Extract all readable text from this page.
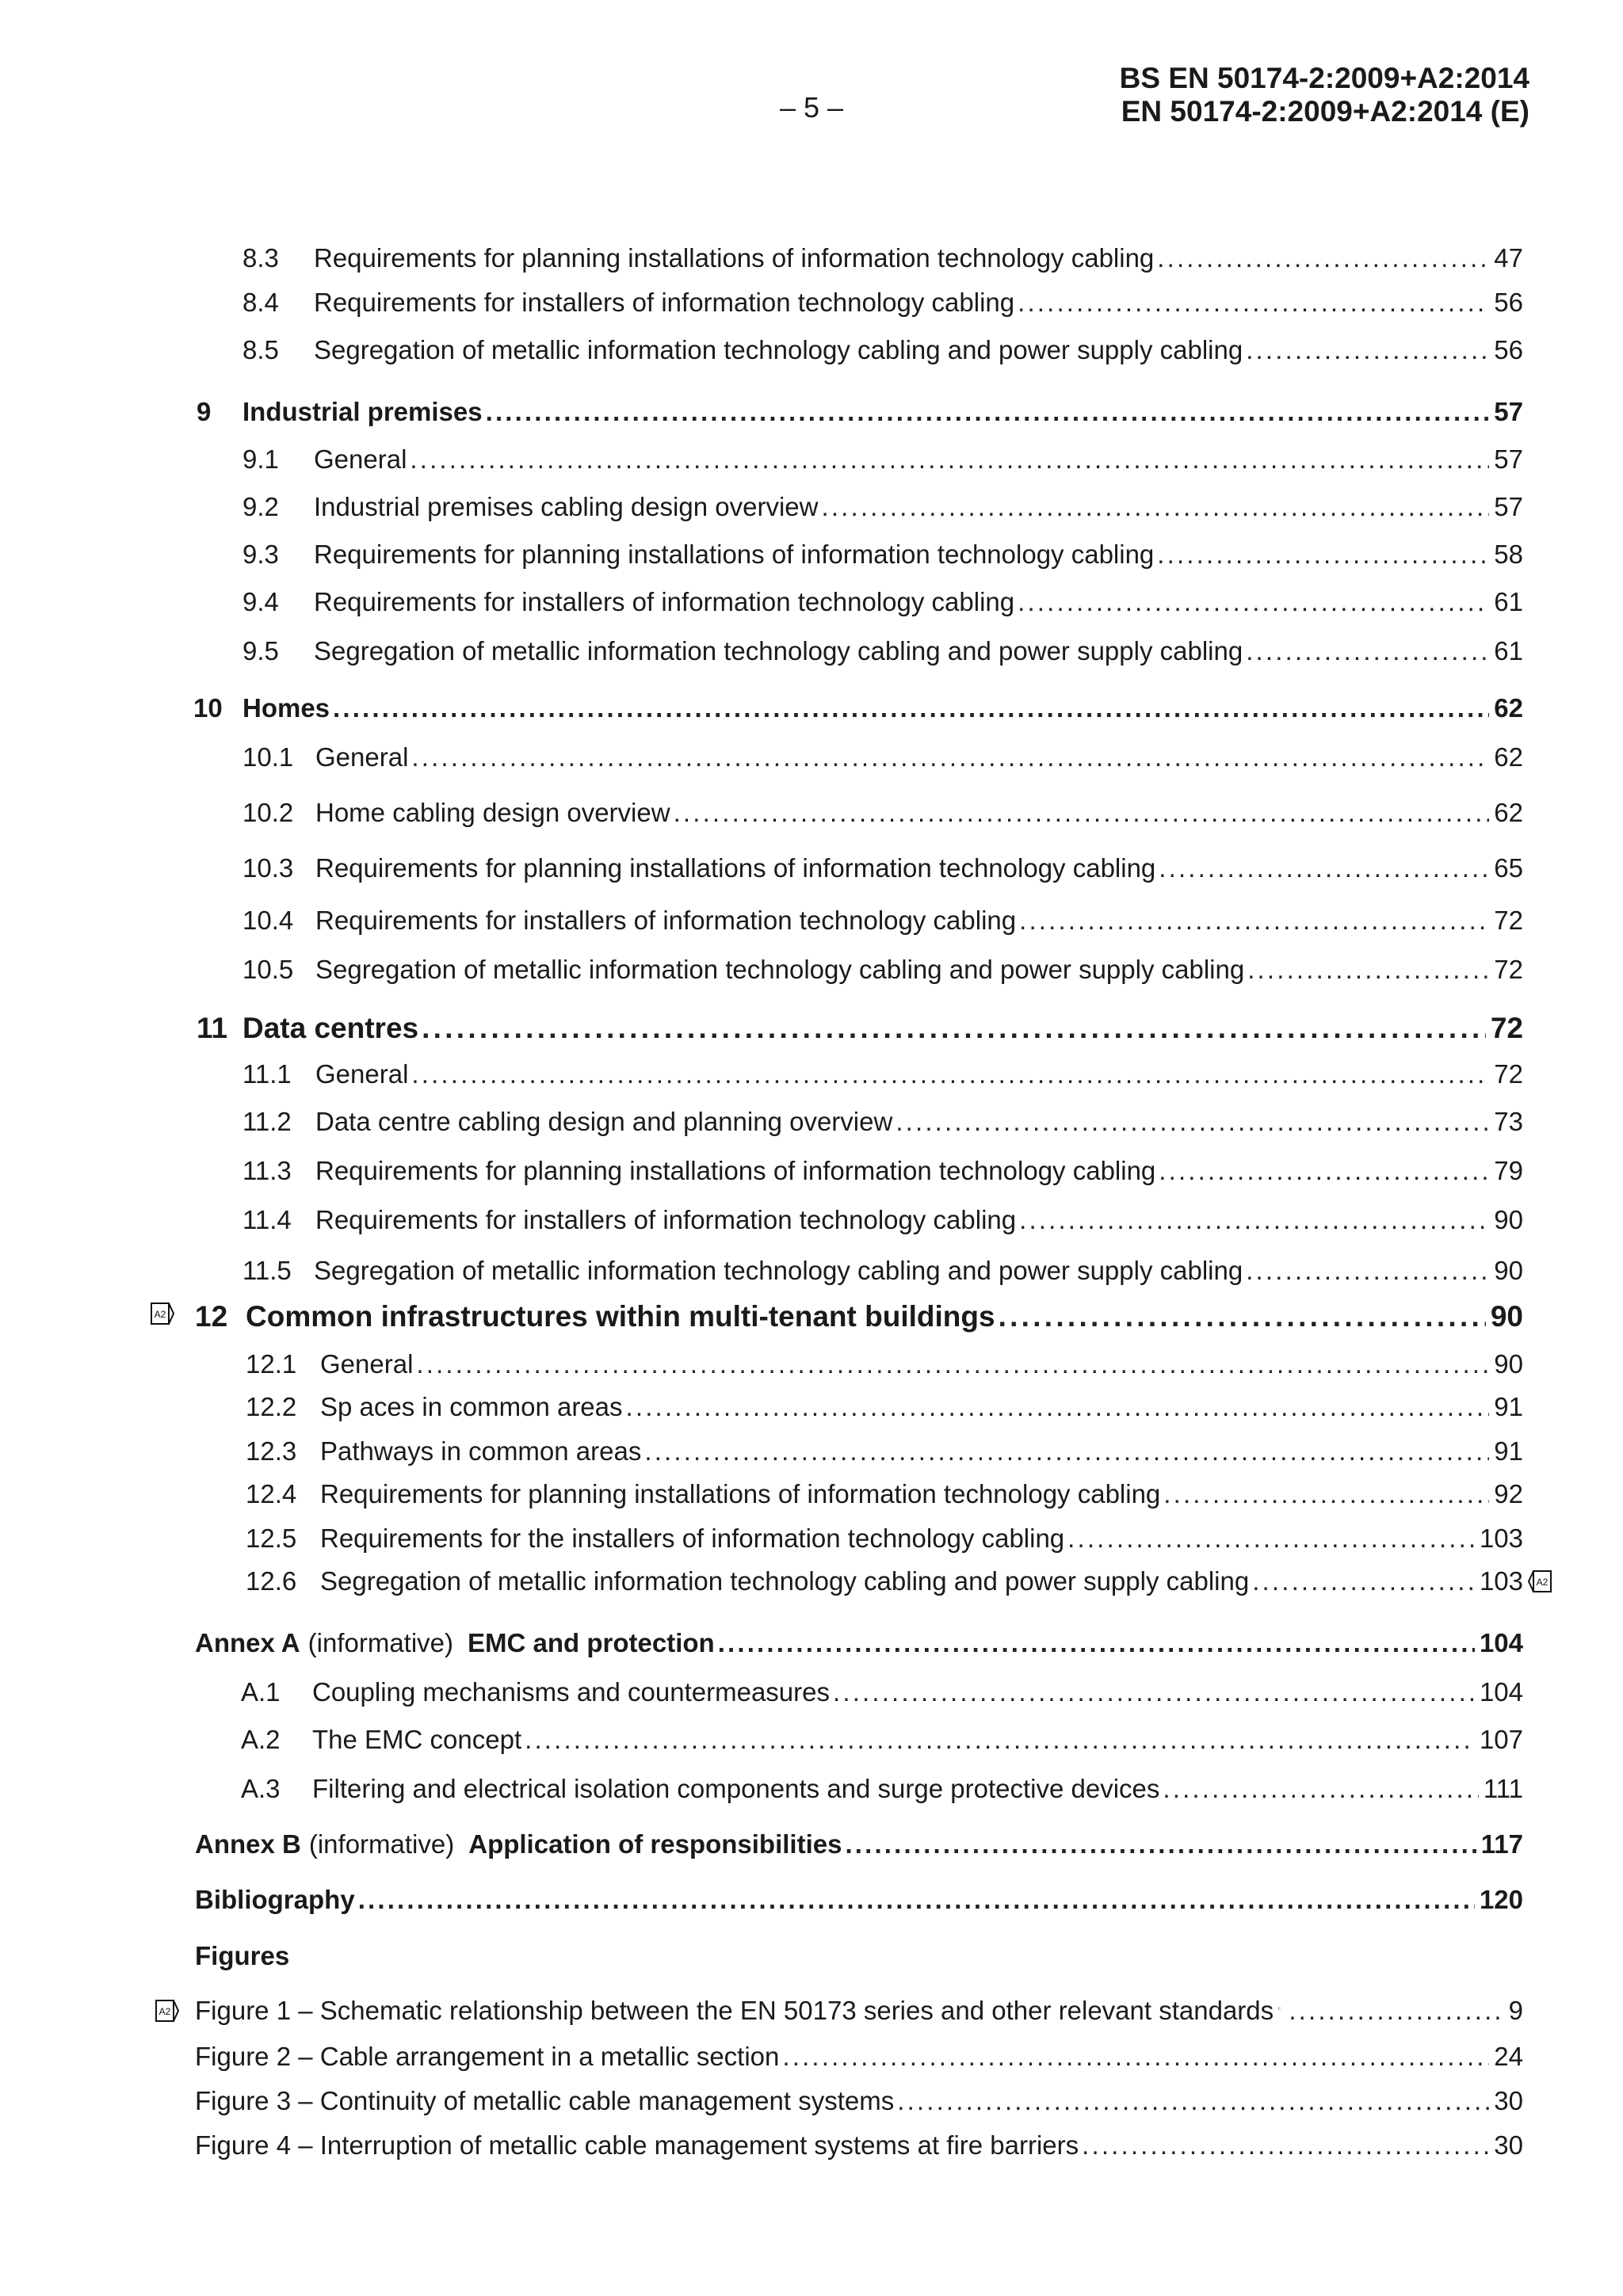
– 5 –
BS EN 50174-2:2009+A2:2014
EN 50174-2:2009+A2:2014 (E)
8.3 Requirements for planning installations of information technology cabling . . .	47
8.4 Requirements for installers of information technology cabling . . .	56
8.5 Segregation of metallic information technology cabling and power supply cabling . . .	56
9 Industrial premises . . .	57
9.1 General . . .	57
9.2 Industrial premises cabling design overview . . .	57
9.3 Requirements for planning installations of information technology cabling . . .	58
9.4 Requirements for installers of information technology cabling . . .	61
9.5 Segregation of metallic information technology cabling and power supply cabling . . .	61
10 Homes . . .	62
10.1 General . . .	62
10.2 Home cabling design overview . . .	62
10.3 Requirements for planning installations of information technology cabling . . .	65
10.4 Requirements for installers of information technology cabling . . .	72
10.5 Segregation of metallic information technology cabling and power supply cabling . . .	72
11 Data centres . . .	72
11.1 General . . .	72
11.2 Data centre cabling design and planning overview . . .	73
11.3 Requirements for planning installations of information technology cabling . . .	79
11.4 Requirements for installers of information technology cabling . . .	90
11.5 Segregation of metallic information technology cabling and power supply cabling . . .	90
A2 12 Common infrastructures within multi-tenant buildings . . .	90
12.1 General . . .	90
12.2 Sp aces in common areas . . .	91
12.3 Pathways in common areas . . .	91
12.4 Requirements for planning installations of information technology cabling . . .	92
12.5 Requirements for the installers of information technology cabling . . .	103
12.6 Segregation of metallic information technology cabling and power supply cabling . . .	103 A2
Annex A (informative) EMC and protection . . .	104
A.1 Coupling mechanisms and countermeasures . . .	104
A.2 The EMC concept . . .	107
A.3 Filtering and electrical isolation components and surge protective devices . . .	111
Annex B (informative) Application of responsibilities . . .	117
Bibliography . . .	120
Figures
A2 Figure 1 – Schematic relationship between the EN 50173 series and other relevant standards A2 . . .	9
Figure 2 – Cable arrangement in a metallic section . . .	24
Figure 3 – Continuity of metallic cable management systems . . .	30
Figure 4 – Interruption of metallic cable management systems at fire barriers . . .	30
